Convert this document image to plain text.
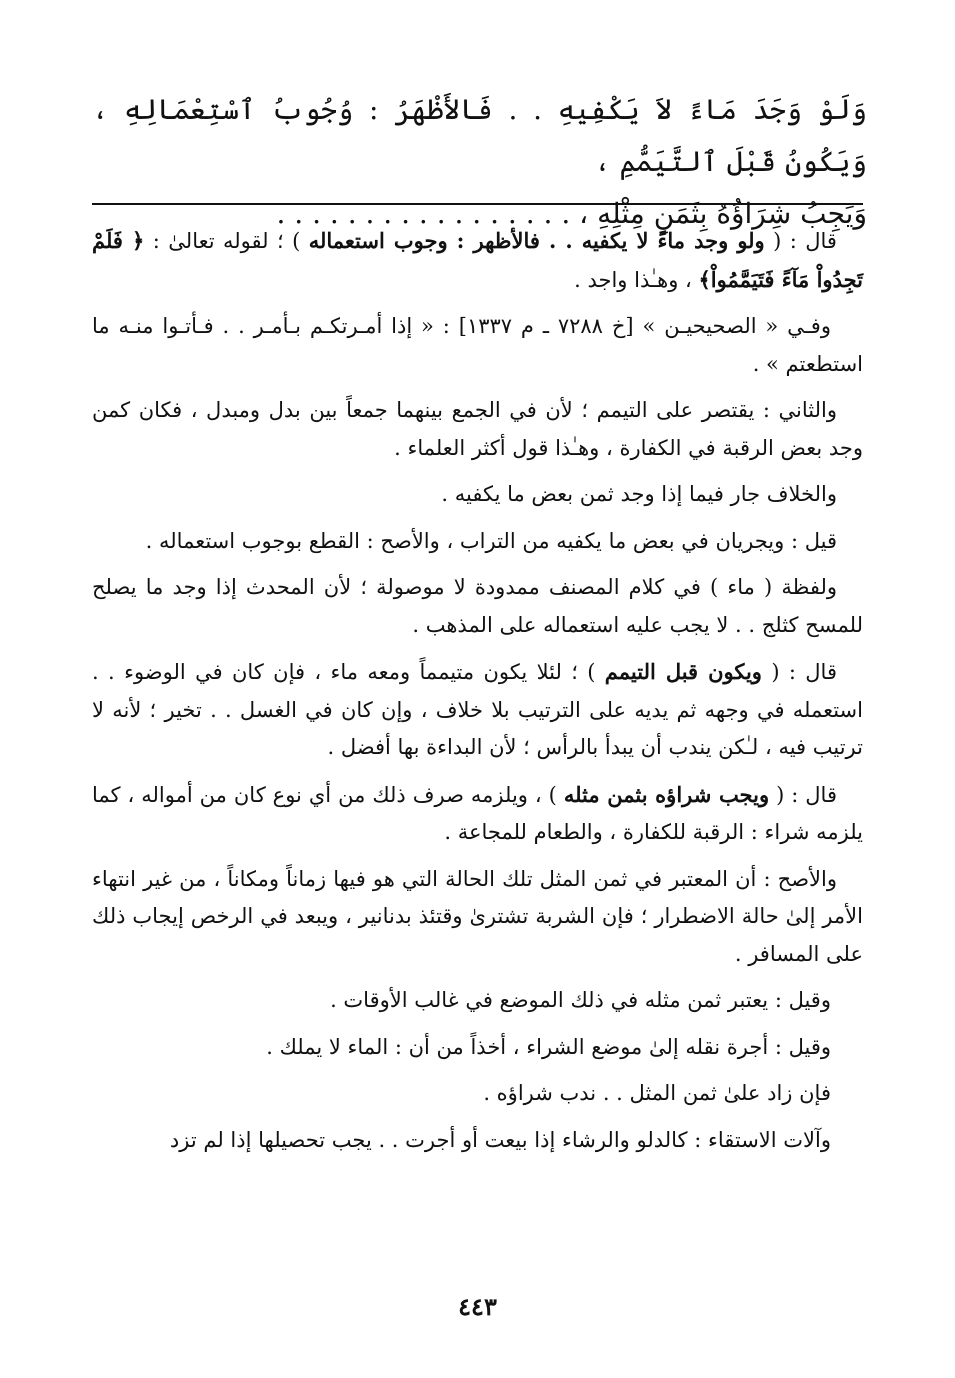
وَلَوْ وَجَدَ مَاءً لاَ يَكْفِيهِ . . فَالأَظْهَرُ : وُجُوبُ ٱسْتِعْمَالِهِ ، وَيَكُونُ قَبْلَ ٱلتَّيَمُّمِ ،
وَيَجِبُ شِرَاؤُهُ بِثَمَنِ مِثْلِهِ ، . . . . . . . . . . . . . . . . .

قال : ( ولو وجد ماءً لا يكفيه . . فالأظهر : وجوب استعماله ) ؛ لقوله تعالىٰ : ﴿ فَلَمْ تَجِدُواْ مَآءً فَتَيَمَّمُواْ﴾ ، وهـٰذا واجد .

وفـي « الصحيحيـن » [خ ٧٢٨٨ ـ م ١٣٣٧] : « إذا أمـرتكـم بـأمـر . . فـأتـوا منـه ما استطعتم » .

والثاني : يقتصر على التيمم ؛ لأن في الجمع بينهما جمعاً بين بدل ومبدل ، فكان كمن وجد بعض الرقبة في الكفارة ، وهـٰذا قول أكثر العلماء .

والخلاف جار فيما إذا وجد ثمن بعض ما يكفيه .

قيل : ويجريان في بعض ما يكفيه من التراب ، والأصح : القطع بوجوب استعماله .

ولفظة ( ماء ) في كلام المصنف ممدودة لا موصولة ؛ لأن المحدث إذا وجد ما يصلح للمسح كثلج . . لا يجب عليه استعماله على المذهب .

قال : ( ويكون قبل التيمم ) ؛ لئلا يكون متيمماً ومعه ماء ، فإن كان في الوضوء . . استعمله في وجهه ثم يديه على الترتيب بلا خلاف ، وإن كان في الغسل . . تخير ؛ لأنه لا ترتيب فيه ، لـٰكن يندب أن يبدأ بالرأس ؛ لأن البداءة بها أفضل .

قال : ( ويجب شراؤه بثمن مثله ) ، ويلزمه صرف ذلك من أي نوع كان من أمواله ، كما يلزمه شراء : الرقبة للكفارة ، والطعام للمجاعة .

والأصح : أن المعتبر في ثمن المثل تلك الحالة التي هو فيها زماناً ومكاناً ، من غير انتهاء الأمر إلىٰ حالة الاضطرار ؛ فإن الشربة تشترىٰ وقتئذ بدنانير ، ويبعد في الرخص إيجاب ذلك على المسافر .

وقيل : يعتبر ثمن مثله في ذلك الموضع في غالب الأوقات .

وقيل : أجرة نقله إلىٰ موضع الشراء ، أخذاً من أن : الماء لا يملك .

فإن زاد علىٰ ثمن المثل . . ندب شراؤه .

وآلات الاستقاء : كالدلو والرشاء إذا بيعت أو أجرت . . يجب تحصيلها إذا لم تزد

٤٤٣
